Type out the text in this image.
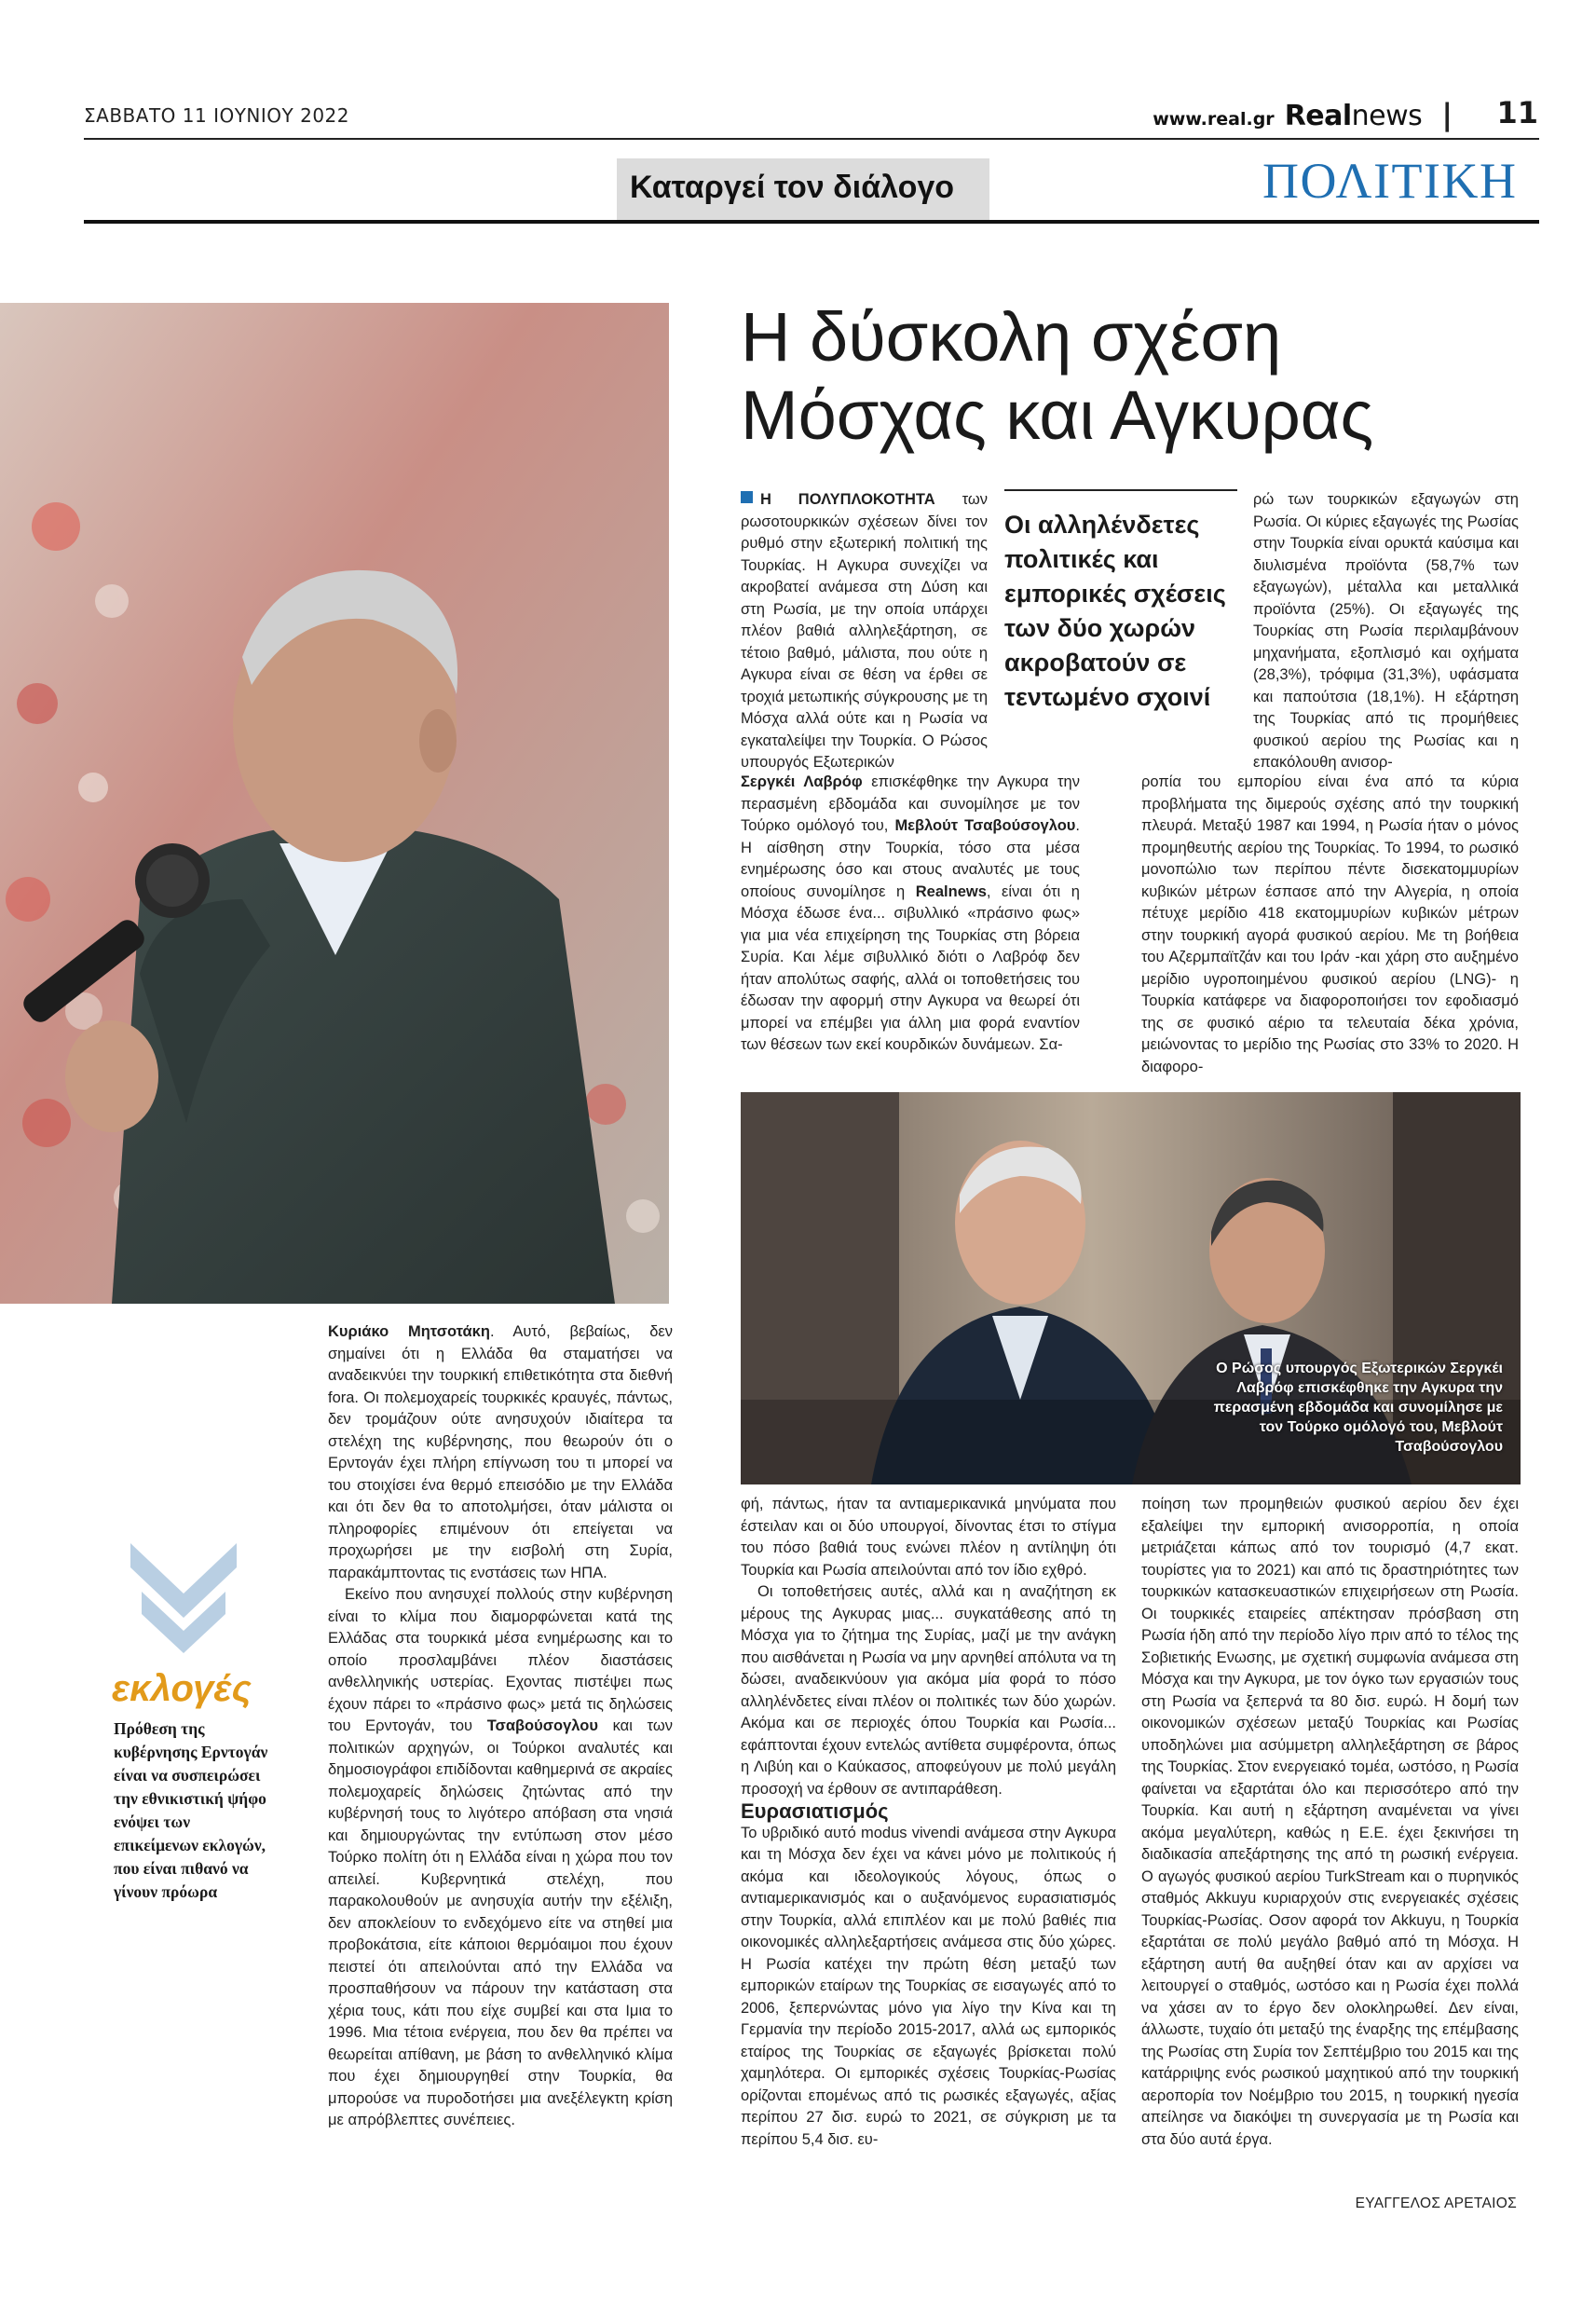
ΣΑΒΒΑΤΟ 11 ΙΟΥΝΙΟΥ 2022	www.real.gr Realnews |	11
Καταργεί τον διάλογο	ΠΟΛΙΤΙΚΗ
Η δύσκολη σχέση
Μόσχας και Αγκυρας

Η ΠΟΛΥΠΛΟΚΟΤΗΤΑ των ρωσοτουρκικών σχέσεων δίνει τον ρυθμό στην εξωτερική πολιτική της Τουρκίας. Η Αγκυρα συνεχίζει να ακροβατεί ανάμεσα στη Δύση και στη Ρωσία, με την οποία υπάρχει πλέον βαθιά αλληλεξάρτηση, σε τέτοιο βαθμό, μάλιστα, που ούτε η Αγκυρα είναι σε θέση να έρθει σε τροχιά μετωπικής σύγκρουσης με τη Μόσχα αλλά ούτε και η Ρωσία να εγκαταλείψει την Τουρκία. Ο Ρώσος υπουργός Εξωτερικών

Σεργκέι Λαβρόφ επισκέφθηκε την Αγκυρα την περασμένη εβδομάδα και συνομίλησε με τον Τούρκο ομόλογό του, Μεβλούτ Τσαβούσογλου. Η αίσθηση στην Τουρκία, τόσο στα μέσα ενημέρωσης όσο και στους αναλυτές με τους οποίους συνομίλησε η Realnews, είναι ότι η Μόσχα έδωσε ένα... σιβυλλικό «πράσινο φως» για μια νέα επιχείρηση της Τουρκίας στη βόρεια Συρία. Και λέμε σιβυλλικό διότι ο Λαβρόφ δεν ήταν απολύτως σαφής, αλλά οι τοποθετήσεις του έδωσαν την αφορμή στην Αγκυρα να θεωρεί ότι μπορεί να επέμβει για άλλη μια φορά εναντίον των θέσεων των εκεί κουρδικών δυνάμεων. Σα-

Οι αλληλένδετες πολιτικές και εμπορικές σχέσεις των δύο χωρών ακροβατούν σε τεντωμένο σχοινί

ρώ των τουρκικών εξαγωγών στη Ρωσία. Οι κύριες εξαγωγές της Ρωσίας στην Τουρκία είναι ορυκτά καύσιμα και διυλισμένα προϊόντα (58,7% των εξαγωγών), μέταλλα και μεταλλικά προϊόντα (25%). Οι εξαγωγές της Τουρκίας στη Ρωσία περιλαμβάνουν μηχανήματα, εξοπλισμό και οχήματα (28,3%), τρόφιμα (31,3%), υφάσματα και παπούτσια (18,1%). Η εξάρτηση της Τουρκίας από τις προμήθειες φυσικού αερίου της Ρωσίας και η επακόλουθη ανισορ-

ροπία του εμπορίου είναι ένα από τα κύρια προβλήματα της διμερούς σχέσης από την τουρκική πλευρά. Μεταξύ 1987 και 1994, η Ρωσία ήταν ο μόνος προμηθευτής αερίου της Τουρκίας. Το 1994, το ρωσικό μονοπώλιο των περίπου πέντε δισεκατομμυρίων κυβικών μέτρων έσπασε από την Αλγερία, η οποία πέτυχε μερίδιο 418 εκατομμυρίων κυβικών μέτρων στην τουρκική αγορά φυσικού αερίου. Με τη βοήθεια του Αζερμπαϊτζάν και του Ιράν -και χάρη στο αυξημένο μερίδιο υγροποιημένου φυσικού αερίου (LNG)- η Τουρκία κατάφερε να διαφοροποιήσει τον εφοδιασμό της σε φυσικό αέριο τα τελευταία δέκα χρόνια, μειώνοντας το μερίδιο της Ρωσίας στο 33% το 2020. Η διαφορο-

Ο Ρώσος υπουργός Εξωτερικών Σεργκέι Λαβρόφ επισκέφθηκε την Αγκυρα την περασμένη εβδομάδα και συνομίλησε με τον Τούρκο ομόλογό του, Μεβλούτ Τσαβούσογλου

Κυριάκο Μητσοτάκη. Αυτό, βεβαίως, δεν σημαίνει ότι η Ελλάδα θα σταματήσει να αναδεικνύει την τουρκική επιθετικότητα στα διεθνή fora. Οι πολεμοχαρείς τουρκικές κραυγές, πάντως, δεν τρομάζουν ούτε ανησυχούν ιδιαίτερα τα στελέχη της κυβέρνησης, που θεωρούν ότι ο Ερντογάν έχει πλήρη επίγνωση του τι μπορεί να του στοιχίσει ένα θερμό επεισόδιο με την Ελλάδα και ότι δεν θα το αποτολμήσει, όταν μάλιστα οι πληροφορίες επιμένουν ότι επείγεται να προχωρήσει με την εισβολή στη Συρία, παρακάμπτοντας τις ενστάσεις των ΗΠΑ.

Εκείνο που ανησυχεί πολλούς στην κυβέρνηση είναι το κλίμα που διαμορφώνεται κατά της Ελλάδας στα τουρκικά μέσα ενημέρωσης και το οποίο προσλαμβάνει πλέον διαστάσεις ανθελληνικής υστερίας. Εχοντας πιστέψει πως έχουν πάρει το «πράσινο φως» μετά τις δηλώσεις του Ερντογάν, του Τσαβούσογλου και των πολιτικών αρχηγών, οι Τούρκοι αναλυτές και δημοσιογράφοι επιδίδονται καθημερινά σε ακραίες πολεμοχαρείς δηλώσεις ζητώντας από την κυβέρνησή τους το λιγότερο απόβαση στα νησιά και δημιουργώντας την εντύπωση στον μέσο Τούρκο πολίτη ότι η Ελλάδα είναι η χώρα που τον απειλεί. Κυβερνητικά στελέχη, που παρακολουθούν με ανησυχία αυτήν την εξέλιξη, δεν αποκλείουν το ενδεχόμενο είτε να στηθεί μια προβοκάτσια, είτε κάποιοι θερμόαιμοι που έχουν πειστεί ότι απειλούνται από την Ελλάδα να προσπαθήσουν να πάρουν την κατάσταση στα χέρια τους, κάτι που είχε συμβεί και στα Ιμια το 1996. Μια τέτοια ενέργεια, που δεν θα πρέπει να θεωρείται απίθανη, με βάση το ανθελληνικό κλίμα που έχει δημιουργηθεί στην Τουρκία, θα μπορούσε να πυροδοτήσει μια ανεξέλεγκτη κρίση με απρόβλεπτες συνέπειες.

φή, πάντως, ήταν τα αντιαμερικανικά μηνύματα που έστειλαν και οι δύο υπουργοί, δίνοντας έτσι το στίγμα του πόσο βαθιά τους ενώνει πλέον η αντίληψη ότι Τουρκία και Ρωσία απειλούνται από τον ίδιο εχθρό.

Οι τοποθετήσεις αυτές, αλλά και η αναζήτηση εκ μέρους της Αγκυρας μιας... συγκατάθεσης από τη Μόσχα για το ζήτημα της Συρίας, μαζί με την ανάγκη που αισθάνεται η Ρωσία να μην αρνηθεί απόλυτα να τη δώσει, αναδεικνύουν για ακόμα μία φορά το πόσο αλληλένδετες είναι πλέον οι πολιτικές των δύο χωρών. Ακόμα και σε περιοχές όπου Τουρκία και Ρωσία... εφάπτονται έχουν εντελώς αντίθετα συμφέροντα, όπως η Λιβύη και ο Καύκασος, αποφεύγουν με πολύ μεγάλη προσοχή να έρθουν σε αντιπαράθεση.

Ευρασιατισμός

Το υβριδικό αυτό modus vivendi ανάμεσα στην Αγκυρα και τη Μόσχα δεν έχει να κάνει μόνο με πολιτικούς ή ακόμα και ιδεολογικούς λόγους, όπως ο αντιαμερικανισμός και ο αυξανόμενος ευρασιατισμός στην Τουρκία, αλλά επιπλέον και με πολύ βαθιές πια οικονομικές αλληλεξαρτήσεις ανάμεσα στις δύο χώρες. Η Ρωσία κατέχει την πρώτη θέση μεταξύ των εμπορικών εταίρων της Τουρκίας σε εισαγωγές από το 2006, ξεπερνώντας μόνο για λίγο την Κίνα και τη Γερμανία την περίοδο 2015-2017, αλλά ως εμπορικός εταίρος της Τουρκίας σε εξαγωγές βρίσκεται πολύ χαμηλότερα. Οι εμπορικές σχέσεις Τουρκίας-Ρωσίας ορίζονται επομένως από τις ρωσικές εξαγωγές, αξίας περίπου 27 δισ. ευρώ το 2021, σε σύγκριση με τα περίπου 5,4 δισ. ευ-

ποίηση των προμηθειών φυσικού αερίου δεν έχει εξαλείψει την εμπορική ανισορροπία, η οποία μετριάζεται κάπως από τον τουρισμό (4,7 εκατ. τουρίστες για το 2021) και από τις δραστηριότητες των τουρκικών κατασκευαστικών επιχειρήσεων στη Ρωσία. Οι τουρκικές εταιρείες απέκτησαν πρόσβαση στη Ρωσία ήδη από την περίοδο λίγο πριν από το τέλος της Σοβιετικής Ενωσης, με σχετική συμφωνία ανάμεσα στη Μόσχα και την Αγκυρα, με τον όγκο των εργασιών τους στη Ρωσία να ξεπερνά τα 80 δισ. ευρώ. Η δομή των οικονομικών σχέσεων μεταξύ Τουρκίας και Ρωσίας υποδηλώνει μια ασύμμετρη αλληλεξάρτηση σε βάρος της Τουρκίας. Στον ενεργειακό τομέα, ωστόσο, η Ρωσία φαίνεται να εξαρτάται όλο και περισσότερο από την Τουρκία. Και αυτή η εξάρτηση αναμένεται να γίνει ακόμα μεγαλύτερη, καθώς η Ε.Ε. έχει ξεκινήσει τη διαδικασία απεξάρτησης της από τη ρωσική ενέργεια. Ο αγωγός φυσικού αερίου TurkStream και ο πυρηνικός σταθμός Akkuyu κυριαρχούν στις ενεργειακές σχέσεις Τουρκίας-Ρωσίας. Οσον αφορά τον Akkuyu, η Τουρκία εξαρτάται σε πολύ μεγάλο βαθμό από τη Μόσχα. Η εξάρτηση αυτή θα αυξηθεί όταν και αν αρχίσει να λειτουργεί ο σταθμός, ωστόσο και η Ρωσία έχει πολλά να χάσει αν το έργο δεν ολοκληρωθεί. Δεν είναι, άλλωστε, τυχαίο ότι μεταξύ της έναρξης της επέμβασης της Ρωσίας στη Συρία τον Σεπτέμβριο του 2015 και της κατάρριψης ενός ρωσικού μαχητικού από την τουρκική αεροπορία τον Νοέμβριο του 2015, η τουρκική ηγεσία απείλησε να διακόψει τη συνεργασία με τη Ρωσία και στα δύο αυτά έργα.

ΕΥΑΓΓΕΛΟΣ ΑΡΕΤΑΙΟΣ
εκλογές
Πρόθεση της κυβέρνησης Ερντογάν είναι να συσπειρώσει την εθνικιστική ψήφο ενόψει των επικείμενων εκλογών, που είναι πιθανό να γίνουν πρόωρα
